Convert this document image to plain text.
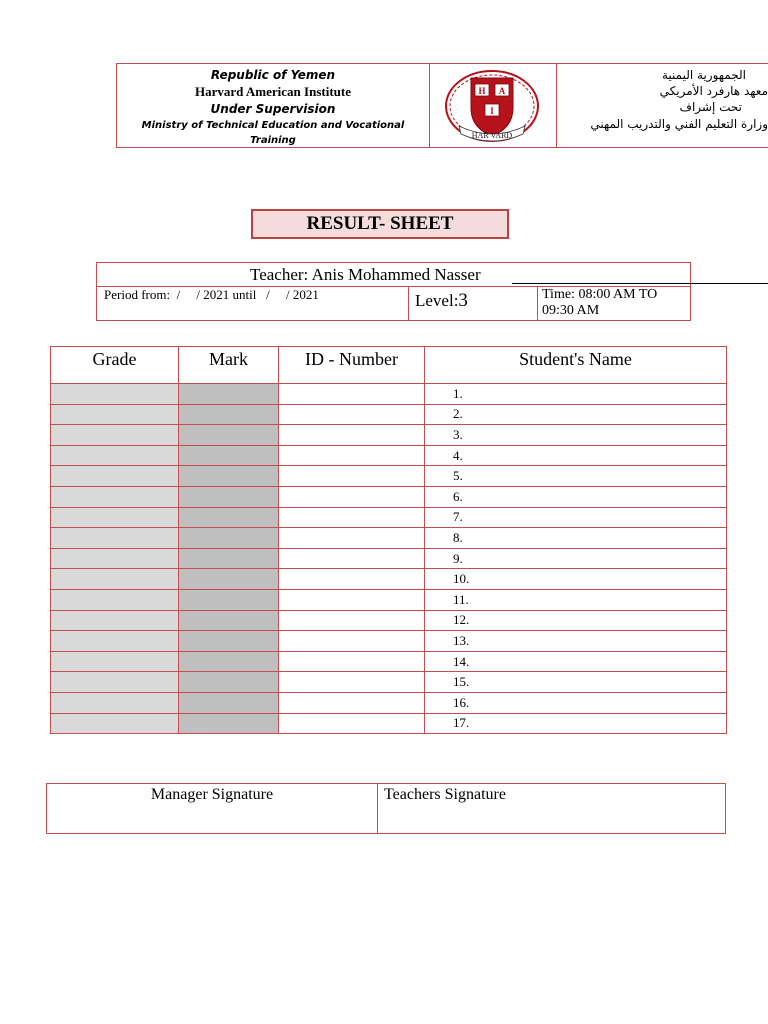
Republic of Yemen
Harvard American Institute
Under Supervision
Ministry of Technical Education and Vocational Training
H A
I
HAR VARD
الجمهورية اليمنية
معهد هارفرد الأمريكي
تحت إشراف
وزارة التعليم الفني والتدريب المهني
RESULT- SHEET
Teacher: Anis Mohammed Nasser
Period from:  /     / 2021 until   /     / 2021	Level:3	Time: 08:00 AM TO 09:30 AM
Grade	Mark	ID - Number	Student's Name
			1.
			2.
			3.
			4.
			5.
			6.
			7.
			8.
			9.
			10.
			11.
			12.
			13.
			14.
			15.
			16.
			17.
Manager Signature	Teachers Signature
